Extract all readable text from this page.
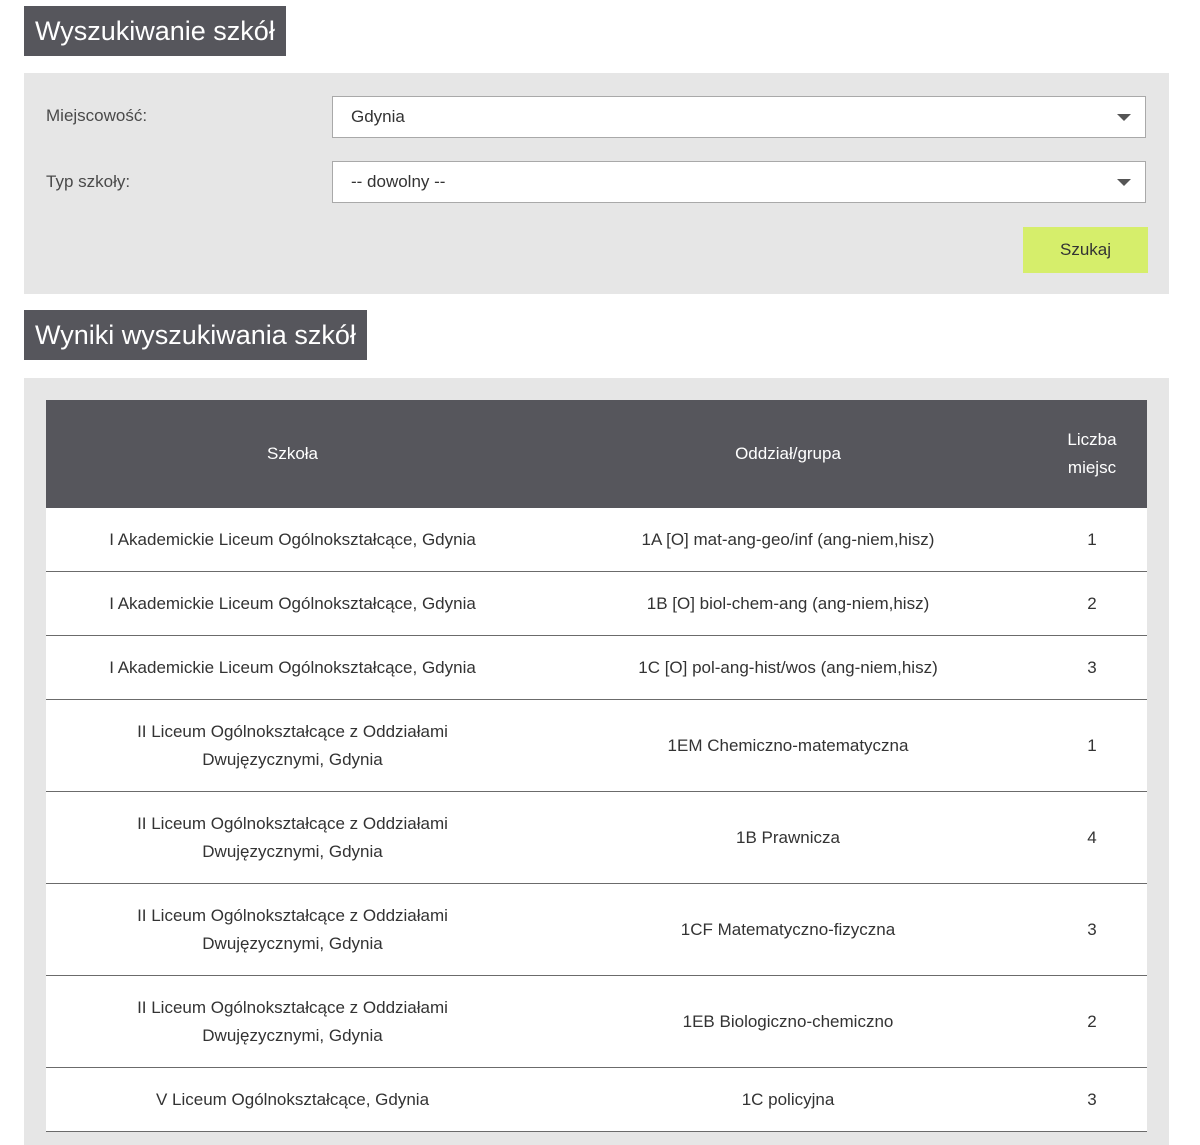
Wyszukiwanie szkół
Miejscowość:	Gdynia
Typ szkoły:	-- dowolny --
Szukaj
Wyniki wyszukiwania szkół
Szkoła	Oddział/grupa	Liczba miejsc
I Akademickie Liceum Ogólnokształcące, Gdynia	1A [O] mat-ang-geo/inf (ang-niem,hisz)	1
I Akademickie Liceum Ogólnokształcące, Gdynia	1B [O] biol-chem-ang (ang-niem,hisz)	2
I Akademickie Liceum Ogólnokształcące, Gdynia	1C [O] pol-ang-hist/wos (ang-niem,hisz)	3
II Liceum Ogólnokształcące z Oddziałami Dwujęzycznymi, Gdynia	1EM Chemiczno-matematyczna	1
II Liceum Ogólnokształcące z Oddziałami Dwujęzycznymi, Gdynia	1B Prawnicza	4
II Liceum Ogólnokształcące z Oddziałami Dwujęzycznymi, Gdynia	1CF Matematyczno-fizyczna	3
II Liceum Ogólnokształcące z Oddziałami Dwujęzycznymi, Gdynia	1EB Biologiczno-chemiczno	2
V Liceum Ogólnokształcące, Gdynia	1C policyjna	3
